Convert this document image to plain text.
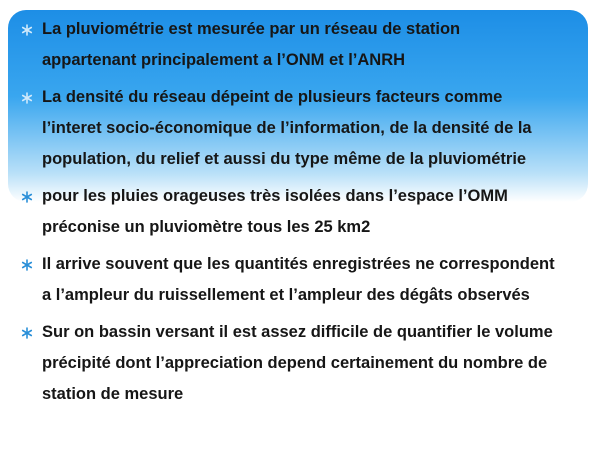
La pluviométrie est mesurée par un réseau de station
appartenant principalement a l’ONM et l’ANRH
La densité du réseau dépeint de plusieurs facteurs comme
l’interet socio-économique de l’information, de la densité de la
population, du relief et aussi du type même de la pluviométrie
pour les pluies orageuses très isolées dans l’espace l’OMM
préconise un pluviomètre tous les 25 km2
Il arrive souvent que les quantités enregistrées ne correspondent
a l’ampleur du ruissellement et l’ampleur des dégâts observés
Sur on bassin versant il est assez difficile de quantifier le volume
précipité dont l’appreciation depend certainement du nombre de
station de mesure
